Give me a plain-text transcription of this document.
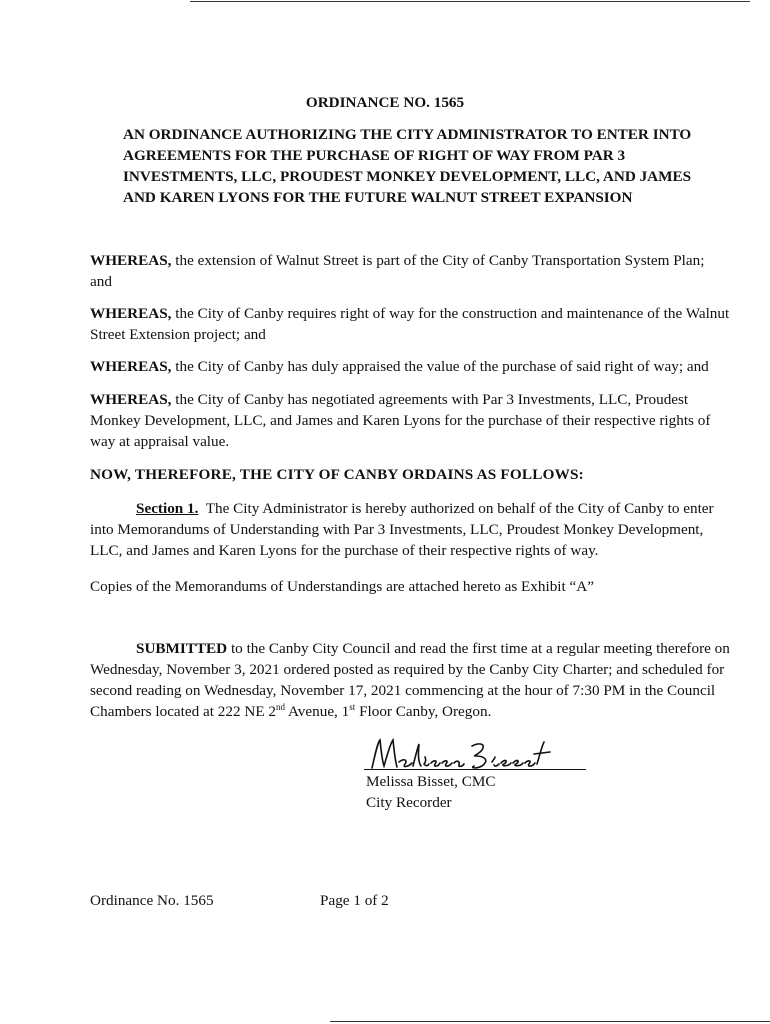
ORDINANCE NO. 1565
AN ORDINANCE AUTHORIZING THE CITY ADMINISTRATOR TO ENTER INTO AGREEMENTS FOR THE PURCHASE OF RIGHT OF WAY FROM PAR 3 INVESTMENTS, LLC, PROUDEST MONKEY DEVELOPMENT, LLC, AND JAMES AND KAREN LYONS FOR THE FUTURE WALNUT STREET EXPANSION

WHEREAS, the extension of Walnut Street is part of the City of Canby Transportation System Plan; and

WHEREAS, the City of Canby requires right of way for the construction and maintenance of the Walnut Street Extension project; and

WHEREAS, the City of Canby has duly appraised the value of the purchase of said right of way; and

WHEREAS, the City of Canby has negotiated agreements with Par 3 Investments, LLC, Proudest Monkey Development, LLC, and James and Karen Lyons for the purchase of their respective rights of way at appraisal value.

NOW, THEREFORE, THE CITY OF CANBY ORDAINS AS FOLLOWS:

Section 1. The City Administrator is hereby authorized on behalf of the City of Canby to enter into Memorandums of Understanding with Par 3 Investments, LLC, Proudest Monkey Development, LLC, and James and Karen Lyons for the purchase of their respective rights of way.

Copies of the Memorandums of Understandings are attached hereto as Exhibit “A”

SUBMITTED to the Canby City Council and read the first time at a regular meeting therefore on Wednesday, November 3, 2021 ordered posted as required by the Canby City Charter; and scheduled for second reading on Wednesday, November 17, 2021 commencing at the hour of 7:30 PM in the Council Chambers located at 222 NE 2nd Avenue, 1st Floor Canby, Oregon.

Melissa Bisset, CMC
City Recorder
Ordinance No. 1565	Page 1 of 2
